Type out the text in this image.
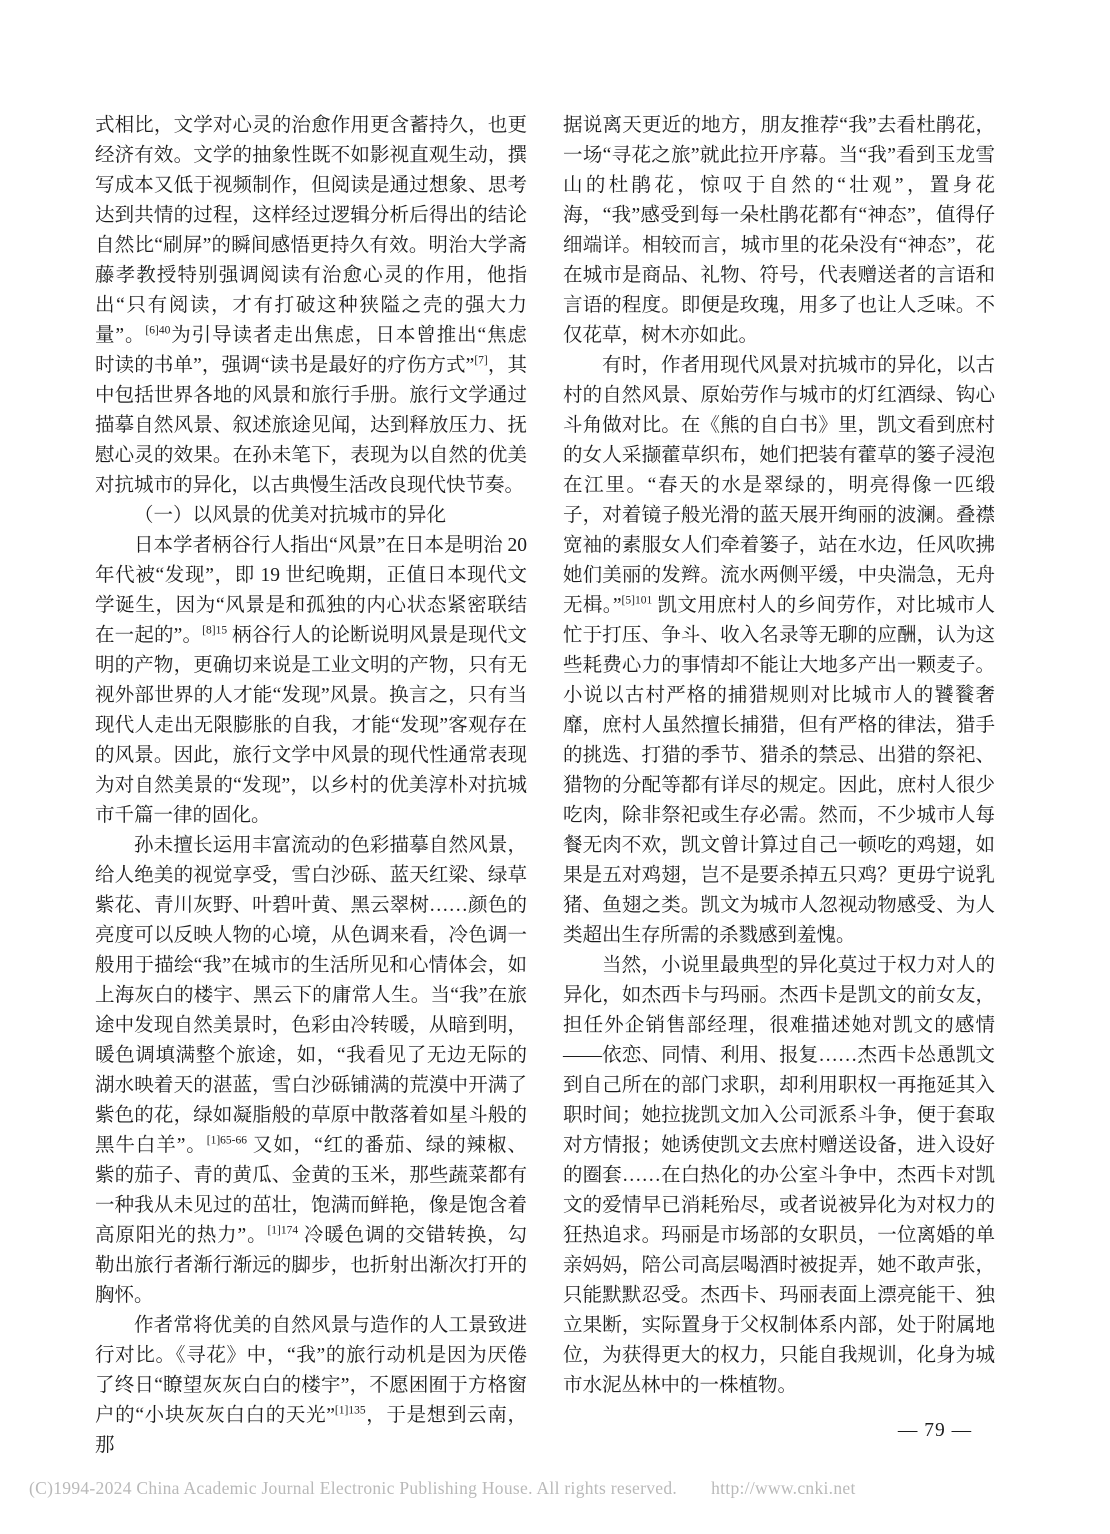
式相比，文学对心灵的治愈作用更含蓄持久，也更经济有效。文学的抽象性既不如影视直观生动，撰写成本又低于视频制作，但阅读是通过想象、思考达到共情的过程，这样经过逻辑分析后得出的结论自然比“刷屏”的瞬间感悟更持久有效。明治大学斋藤孝教授特别强调阅读有治愈心灵的作用，他指出“只有阅读，才有打破这种狭隘之壳的强大力量”。$^{[6]40}$为引导读者走出焦虑，日本曾推出“焦虑时读的书单”，强调“读书是最好的疗伤方式”[7]，其中包括世界各地的风景和旅行手册。旅行文学通过描摹自然风景、叙述旅途见闻，达到释放压力、抚慰心灵的效果。在孙未笔下，表现为以自然的优美对抗城市的异化，以古典慢生活改良现代快节奏。

（一）以风景的优美对抗城市的异化

日本学者柄谷行人指出“风景”在日本是明治 20 年代被“发现”，即 19 世纪晚期，正值日本现代文学诞生，因为“风景是和孤独的内心状态紧密联结在一起的”。$^{[8]15}$ 柄谷行人的论断说明风景是现代文明的产物，更确切来说是工业文明的产物，只有无视外部世界的人才能“发现”风景。换言之，只有当现代人走出无限膨胀的自我，才能“发现”客观存在的风景。因此，旅行文学中风景的现代性通常表现为对自然美景的“发现”，以乡村的优美淳朴对抗城市千篇一律的固化。

孙未擅长运用丰富流动的色彩描摹自然风景，给人绝美的视觉享受，雪白沙砾、蓝天红梁、绿草紫花、青川灰野、叶碧叶黄、黑云翠树……颜色的亮度可以反映人物的心境，从色调来看，冷色调一般用于描绘“我”在城市的生活所见和心情体会，如上海灰白的楼宇、黑云下的庸常人生。当“我”在旅途中发现自然美景时，色彩由冷转暖，从暗到明，暖色调填满整个旅途，如，“我看见了无边无际的湖水映着天的湛蓝，雪白沙砾铺满的荒漠中开满了紫色的花，绿如凝脂般的草原中散落着如星斗般的黑牛白羊”。$^{[1]65-66}$ 又如，“红的番茄、绿的辣椒、紫的茄子、青的黄瓜、金黄的玉米，那些蔬菜都有一种我从未见过的茁壮，饱满而鲜艳，像是饱含着高原阳光的热力”。$^{[1]174}$ 冷暖色调的交错转换，勾勒出旅行者渐行渐远的脚步，也折射出渐次打开的胸怀。

作者常将优美的自然风景与造作的人工景致进行对比。《寻花》中，“我”的旅行动机是因为厌倦了终日“瞭望灰灰白白的楼宇”，不愿困囿于方格窗户的“小块灰灰白白的天光”$^{[1]135}$，于是想到云南，那

据说离天更近的地方，朋友推荐“我”去看杜鹃花，一场“寻花之旅”就此拉开序幕。当“我”看到玉龙雪山的杜鹃花，惊叹于自然的“壮观”，置身花海，“我”感受到每一朵杜鹃花都有“神态”，值得仔细端详。相较而言，城市里的花朵没有“神态”，花在城市是商品、礼物、符号，代表赠送者的言语和言语的程度。即便是玫瑰，用多了也让人乏味。不仅花草，树木亦如此。

有时，作者用现代风景对抗城市的异化，以古村的自然风景、原始劳作与城市的灯红酒绿、钩心斗角做对比。在《熊的自白书》里，凯文看到庶村的女人采撷藿草织布，她们把装有藿草的篓子浸泡在江里。“春天的水是翠绿的，明亮得像一匹缎子，对着镜子般光滑的蓝天展开绚丽的波澜。叠襟宽袖的素服女人们牵着篓子，站在水边，任风吹拂她们美丽的发辫。流水两侧平缓，中央湍急，无舟无楫。”$^{[5]101}$ 凯文用庶村人的乡间劳作，对比城市人忙于打压、争斗、收入名录等无聊的应酬，认为这些耗费心力的事情却不能让大地多产出一颗麦子。小说以古村严格的捕猎规则对比城市人的饕餮奢靡，庶村人虽然擅长捕猎，但有严格的律法，猎手的挑选、打猎的季节、猎杀的禁忌、出猎的祭祀、猎物的分配等都有详尽的规定。因此，庶村人很少吃肉，除非祭祀或生存必需。然而，不少城市人每餐无肉不欢，凯文曾计算过自己一顿吃的鸡翅，如果是五对鸡翅，岂不是要杀掉五只鸡？更毋宁说乳猪、鱼翅之类。凯文为城市人忽视动物感受、为人类超出生存所需的杀戮感到羞愧。

当然，小说里最典型的异化莫过于权力对人的异化，如杰西卡与玛丽。杰西卡是凯文的前女友，担任外企销售部经理，很难描述她对凯文的感情——依恋、同情、利用、报复……杰西卡怂恿凯文到自己所在的部门求职，却利用职权一再拖延其入职时间；她拉拢凯文加入公司派系斗争，便于套取对方情报；她诱使凯文去庶村赠送设备，进入设好的圈套……在白热化的办公室斗争中，杰西卡对凯文的爱情早已消耗殆尽，或者说被异化为对权力的狂热追求。玛丽是市场部的女职员，一位离婚的单亲妈妈，陪公司高层喝酒时被捉弄，她不敢声张，只能默默忍受。杰西卡、玛丽表面上漂亮能干、独立果断，实际置身于父权制体系内部，处于附属地位，为获得更大的权力，只能自我规训，化身为城市水泥丛林中的一株植物。

— 79 —
(C)1994-2024 China Academic Journal Electronic Publishing House. All rights reserved. http://www.cnki.net
